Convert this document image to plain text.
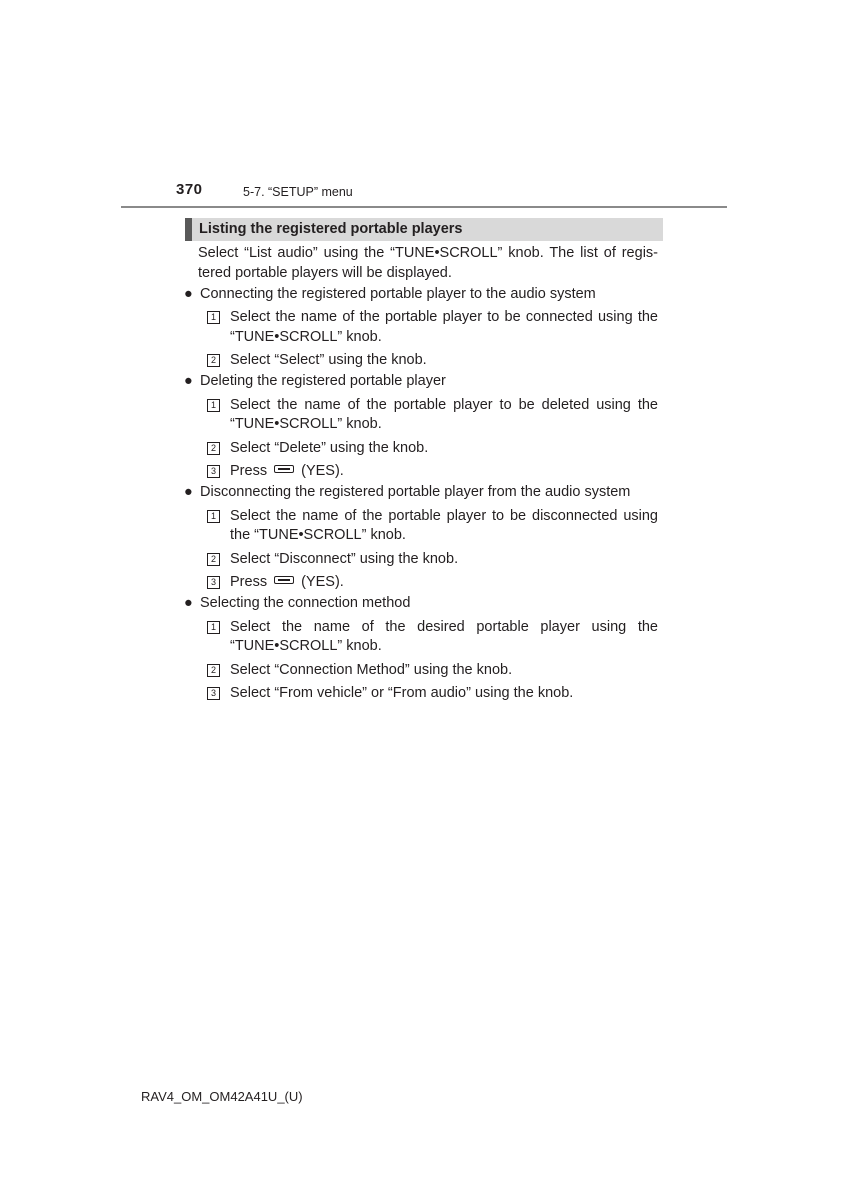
370	5-7. “SETUP” menu
Listing the registered portable players

Select “List audio” using the “TUNE•SCROLL” knob. The list of regis-tered portable players will be displayed.

● Connecting the registered portable player to the audio system
1 Select the name of the portable player to be connected using the “TUNE•SCROLL” knob.
2 Select “Select” using the knob.
● Deleting the registered portable player
1 Select the name of the portable player to be deleted using the “TUNE•SCROLL” knob.
2 Select “Delete” using the knob.
3 Press (YES).
● Disconnecting the registered portable player from the audio system
1 Select the name of the portable player to be disconnected using the “TUNE•SCROLL” knob.
2 Select “Disconnect” using the knob.
3 Press (YES).
● Selecting the connection method
1 Select the name of the desired portable player using the “TUNE•SCROLL” knob.
2 Select “Connection Method” using the knob.
3 Select “From vehicle” or “From audio” using the knob.
RAV4_OM_OM42A41U_(U)
